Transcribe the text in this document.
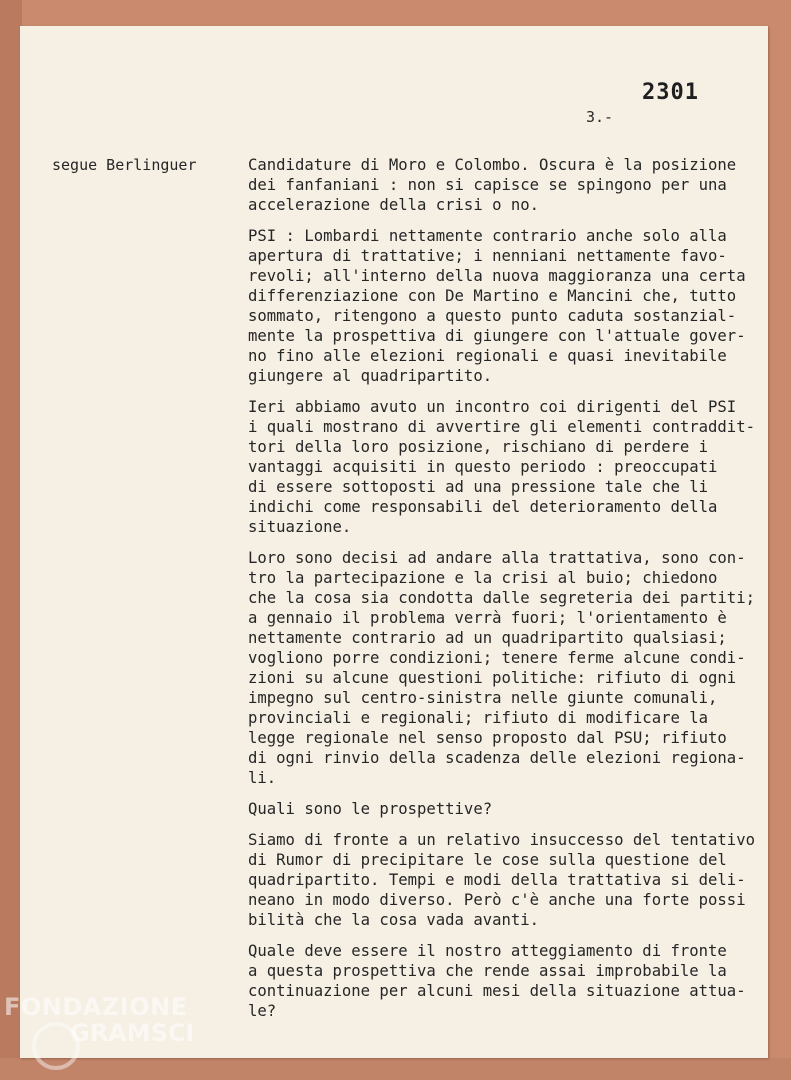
2301
3.-
segue Berlinguer	Candidature di Moro e Colombo. Oscura è la posizione
dei fanfaniani : non si capisce se spingono per una
accelerazione della crisi o no.
PSI : Lombardi nettamente contrario anche solo alla
apertura di trattative; i nenniani nettamente favo-
revoli; all'interno della nuova maggioranza una certa
differenziazione con De Martino e Mancini che, tutto
sommato, ritengono a questo punto caduta sostanzial-
mente la prospettiva di giungere con l'attuale gover-
no fino alle elezioni regionali e quasi inevitabile
giungere al quadripartito.
Ieri abbiamo avuto un incontro coi dirigenti del PSI
i quali mostrano di avvertire gli elementi contraddit-
tori della loro posizione, rischiano di perdere i
vantaggi acquisiti in questo periodo : preoccupati
di essere sottoposti ad una pressione tale che li
indichi come responsabili del deterioramento della
situazione.
Loro sono decisi ad andare alla trattativa, sono con-
tro la partecipazione e la crisi al buio; chiedono
che la cosa sia condotta dalle segreteria dei partiti;
a gennaio il problema verrà fuori; l'orientamento è
nettamente contrario ad un quadripartito qualsiasi;
vogliono porre condizioni; tenere ferme alcune condi-
zioni su alcune questioni politiche: rifiuto di ogni
impegno sul centro-sinistra nelle giunte comunali,
provinciali e regionali; rifiuto di modificare la
legge regionale nel senso proposto dal PSU; rifiuto
di ogni rinvio della scadenza delle elezioni regiona-
li.
Quali sono le prospettive?
Siamo di fronte a un relativo insuccesso del tentativo
di Rumor di precipitare le cose sulla questione del
quadripartito. Tempi e modi della trattativa si deli-
neano in modo diverso. Però c'è anche una forte possi
bilità che la cosa vada avanti.
Quale deve essere il nostro atteggiamento di fronte
a questa prospettiva che rende assai improbabile la
continuazione per alcuni mesi della situazione attua-
le?
FONDAZIONE
GRAMSCI
